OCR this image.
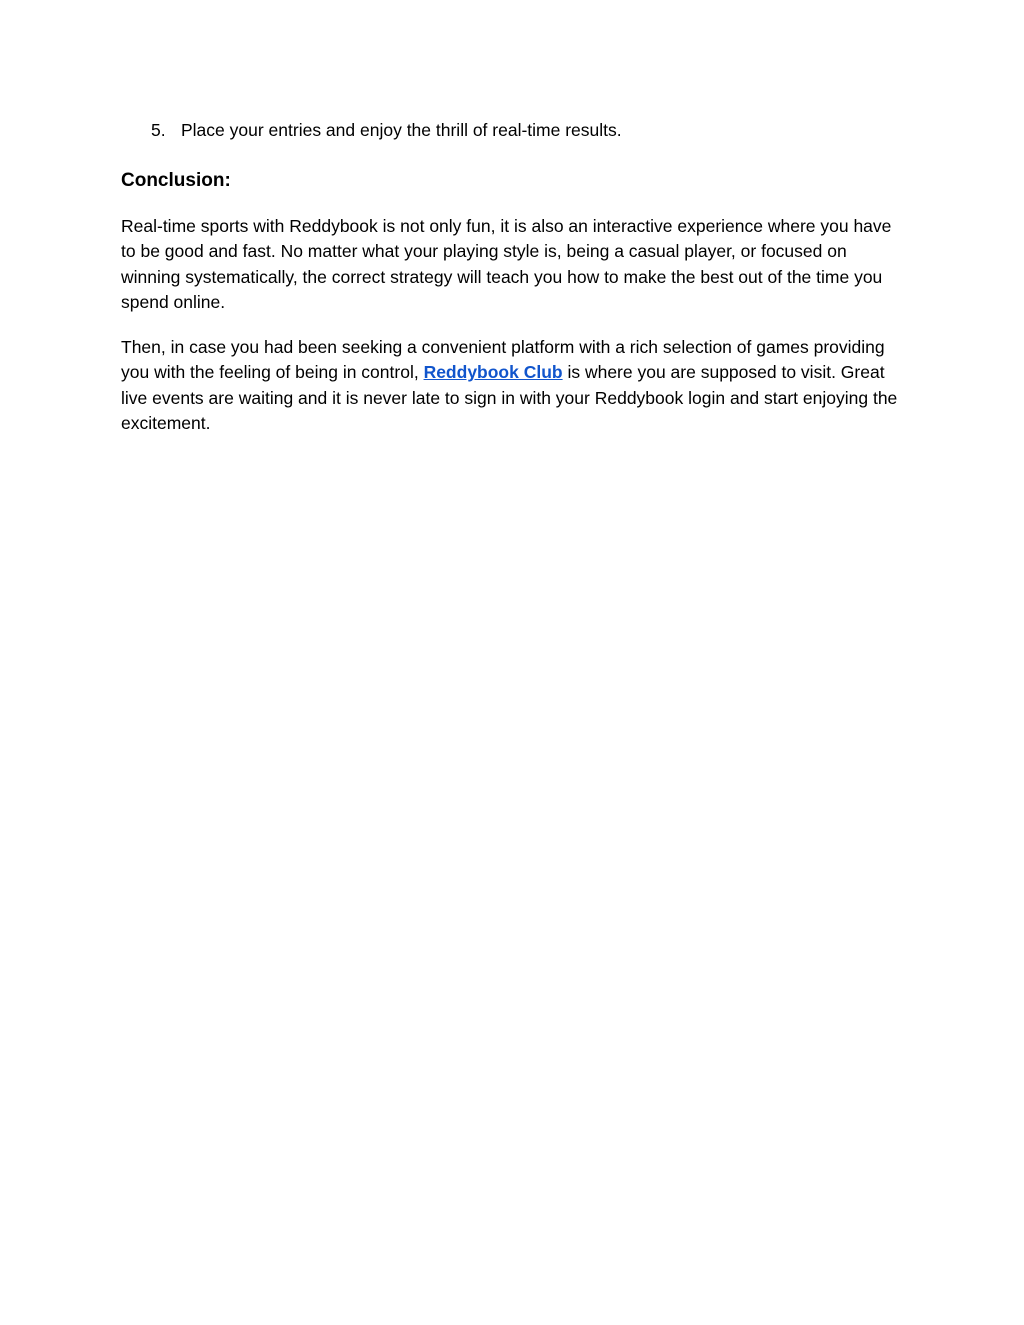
5. Place your entries and enjoy the thrill of real-time results.
Conclusion:

Real-time sports with Reddybook is not only fun, it is also an interactive experience where you have to be good and fast. No matter what your playing style is, being a casual player, or focused on winning systematically, the correct strategy will teach you how to make the best out of the time you spend online.

Then, in case you had been seeking a convenient platform with a rich selection of games providing you with the feeling of being in control, Reddybook Club is where you are supposed to visit. Great live events are waiting and it is never late to sign in with your Reddybook login and start enjoying the excitement.
